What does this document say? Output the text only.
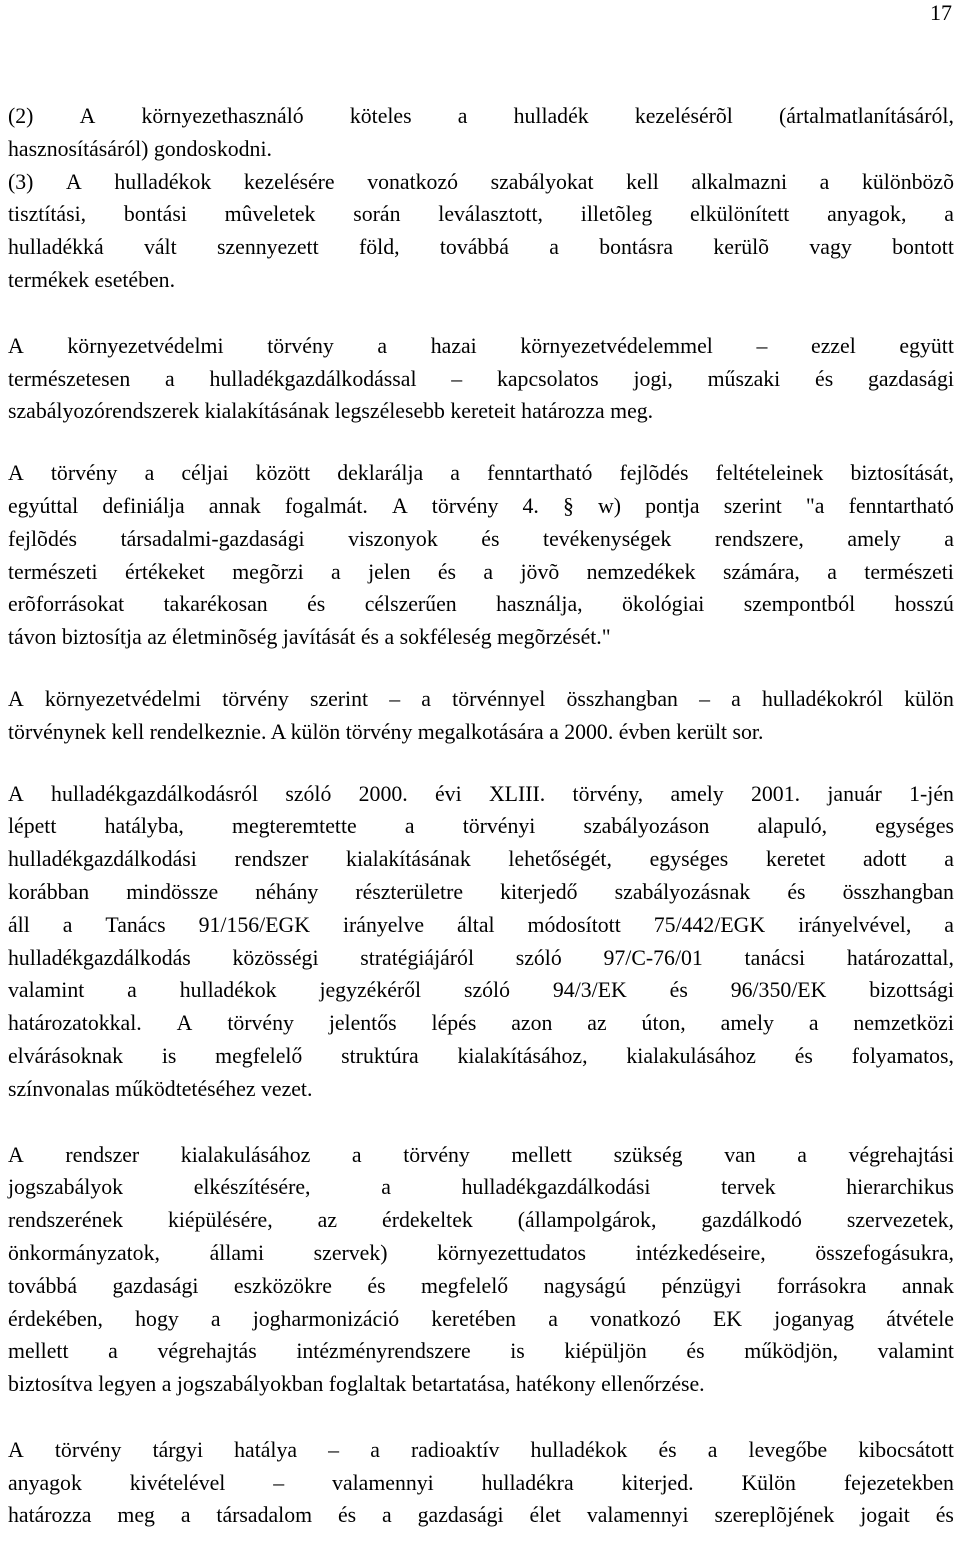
17
(2) A környezethasználó köteles a hulladék kezelésérõl (ártalmatlanításáról,
hasznosításáról) gondoskodni.
(3) A hulladékok kezelésére vonatkozó szabályokat kell alkalmazni a különbözõ
tisztítási, bontási mûveletek során leválasztott, illetõleg elkülönített anyagok, a
hulladékká vált szennyezett föld, továbbá a bontásra kerülõ vagy bontott
termékek esetében.
A környezetvédelmi törvény a hazai környezetvédelemmel – ezzel együtt
természetesen a hulladékgazdálkodással – kapcsolatos jogi, műszaki és gazdasági
szabályozórendszerek kialakításának legszélesebb kereteit határozza meg.
A törvény a céljai között deklarálja a fenntartható fejlõdés feltételeinek biztosítását,
egyúttal definiálja annak fogalmát. A törvény 4. § w) pontja szerint "a fenntartható
fejlõdés társadalmi-gazdasági viszonyok és tevékenységek rendszere, amely a
természeti értékeket megõrzi a jelen és a jövõ nemzedékek számára, a természeti
erõforrásokat takarékosan és célszerűen használja, ökológiai szempontból hosszú
távon biztosítja az életminõség javítását és a sokféleség megõrzését."
A környezetvédelmi törvény szerint – a törvénnyel összhangban – a hulladékokról külön
törvénynek kell rendelkeznie. A külön törvény megalkotására a 2000. évben került sor.
A hulladékgazdálkodásról szóló 2000. évi XLIII. törvény, amely 2001. január 1-jén
lépett hatályba, megteremtette a törvényi szabályozáson alapuló, egységes
hulladékgazdálkodási rendszer kialakításának lehetőségét, egységes keretet adott a
korábban mindössze néhány részterületre kiterjedő szabályozásnak és összhangban
áll a Tanács 91/156/EGK irányelve által módosított 75/442/EGK irányelvével, a
hulladékgazdálkodás közösségi stratégiájáról szóló 97/C-76/01 tanácsi határozattal,
valamint a hulladékok jegyzékéről szóló 94/3/EK és 96/350/EK bizottsági
határozatokkal. A törvény jelentős lépés azon az úton, amely a nemzetközi
elvárásoknak is megfelelő struktúra kialakításához, kialakulásához és folyamatos,
színvonalas működtetéséhez vezet.
A rendszer kialakulásához a törvény mellett szükség van a végrehajtási
jogszabályok	elkészítésére,	a	hulladékgazdálkodási	tervek	hierarchikus
rendszerének kiépülésére, az érdekeltek (állampolgárok, gazdálkodó szervezetek,
önkormányzatok, állami szervek) környezettudatos intézkedéseire, összefogásukra,
továbbá gazdasági eszközökre és megfelelő nagyságú pénzügyi forrásokra annak
érdekében, hogy a jogharmonizáció keretében a vonatkozó EK joganyag átvétele
mellett a végrehajtás intézményrendszere is kiépüljön és működjön, valamint
biztosítva legyen a jogszabályokban foglaltak betartatása, hatékony ellenőrzése.
A törvény tárgyi hatálya – a radioaktív hulladékok és a levegőbe kibocsátott
anyagok kivételével – valamennyi hulladékra kiterjed. Külön fejezetekben
határozza meg a társadalom és a gazdasági élet valamennyi szereplõjének jogait és
